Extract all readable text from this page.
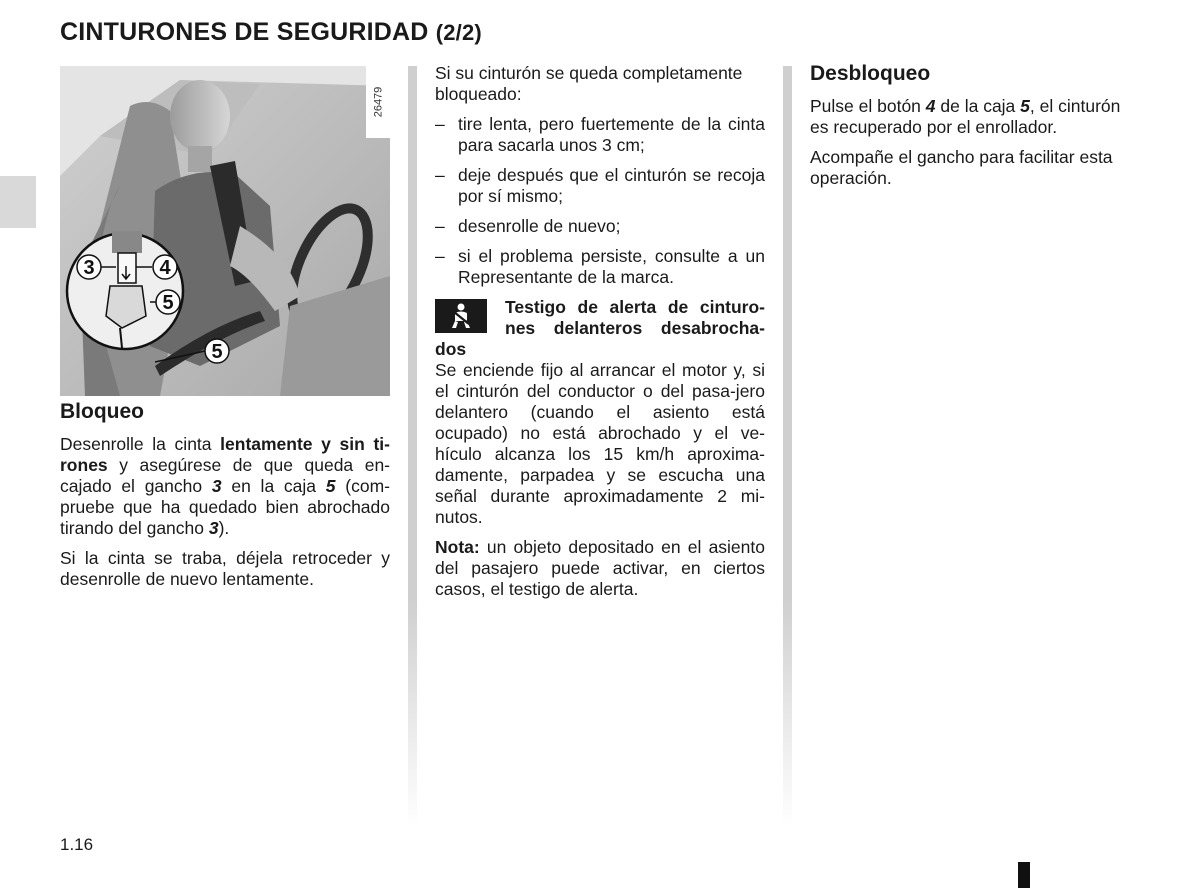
CINTURONES DE SEGURIDAD (2/2)
3	4
5
5
26479
Bloqueo

Desenrolle la cinta lentamente y sin ti-rones y asegúrese de que queda en-cajado el gancho 3 en la caja 5 (com-pruebe que ha quedado bien abrochado tirando del gancho 3).

Si la cinta se traba, déjela retroceder y desenrolle de nuevo lentamente.

Si su cinturón se queda completamente bloqueado:

– tire lenta, pero fuertemente de la cinta para sacarla unos 3 cm;
– deje después que el cinturón se recoja por sí mismo;
– desenrolle de nuevo;
– si el problema persiste, consulte a un Representante de la marca.

Testigo de alerta de cinturo-nes delanteros desabrocha-dos
Se enciende fijo al arrancar el motor y, si el cinturón del conductor o del pasa-jero delantero (cuando el asiento está ocupado) no está abrochado y el ve-hículo alcanza los 15 km/h aproxima-damente, parpadea y se escucha una señal durante aproximadamente 2 mi-nutos.

Nota: un objeto depositado en el asiento del pasajero puede activar, en ciertos casos, el testigo de alerta.

Desbloqueo

Pulse el botón 4 de la caja 5, el cinturón es recuperado por el enrollador.

Acompañe el gancho para facilitar esta operación.

1.16
